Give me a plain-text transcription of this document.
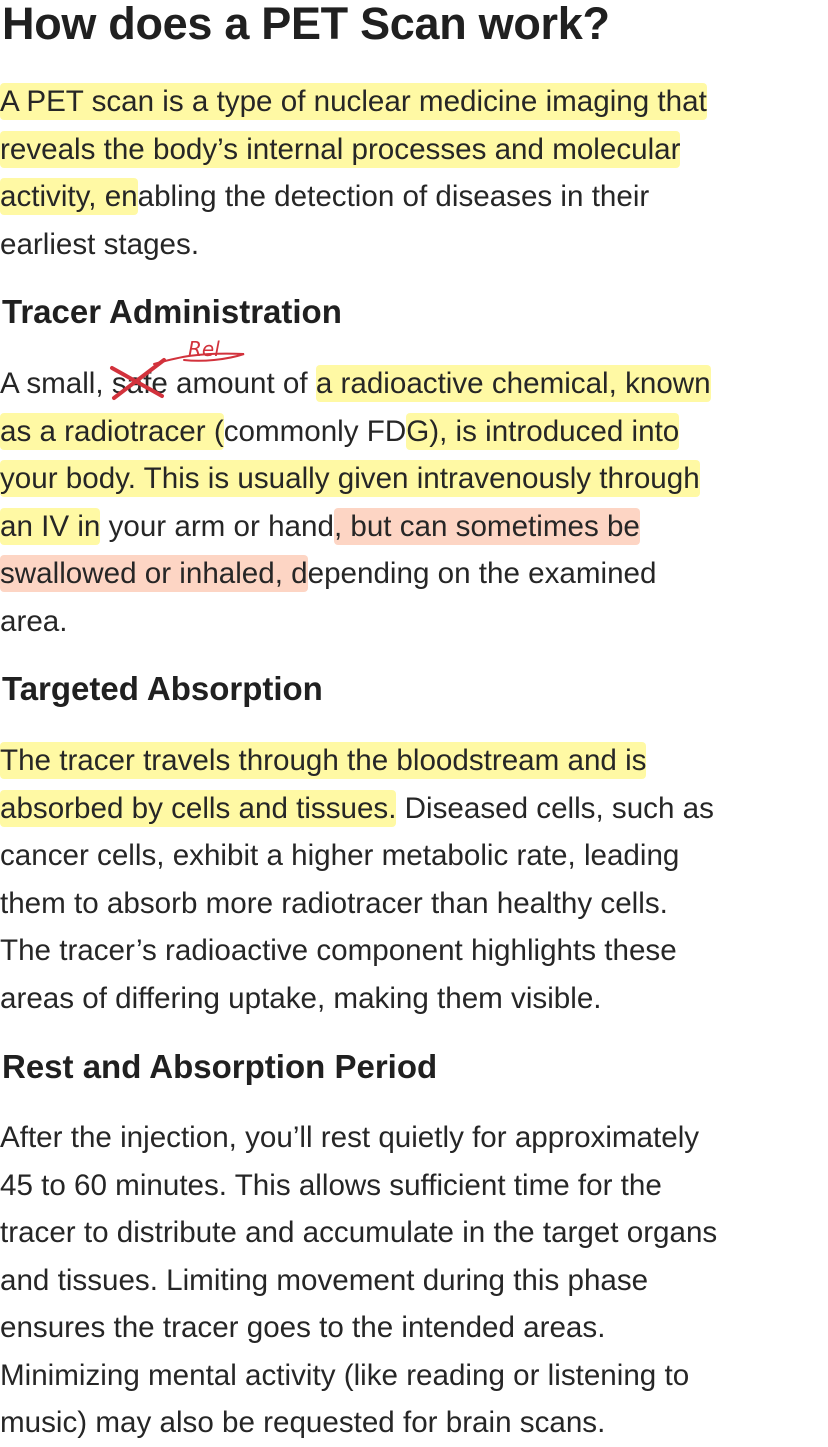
How does a PET Scan work?
A PET scan is a type of nuclear medicine imaging that
reveals the body’s internal processes and molecular
activity, enabling the detection of diseases in their
earliest stages.
Tracer Administration
A small, safe
Rel
amount of a radioactive chemical, known
as a radiotracer (commonly FDG), is introduced into
your body. This is usually given intravenously through
an IV in your arm or hand, but can sometimes be
swallowed or inhaled, depending on the examined
area.
Targeted Absorption
The tracer travels through the bloodstream and is
absorbed by cells and tissues. Diseased cells, such as
cancer cells, exhibit a higher metabolic rate, leading
them to absorb more radiotracer than healthy cells.
The tracer’s radioactive component highlights these
areas of differing uptake, making them visible.
Rest and Absorption Period
After the injection, you’ll rest quietly for approximately
45 to 60 minutes. This allows sufficient time for the
tracer to distribute and accumulate in the target organs
and tissues. Limiting movement during this phase
ensures the tracer goes to the intended areas.
Minimizing mental activity (like reading or listening to
music) may also be requested for brain scans.
